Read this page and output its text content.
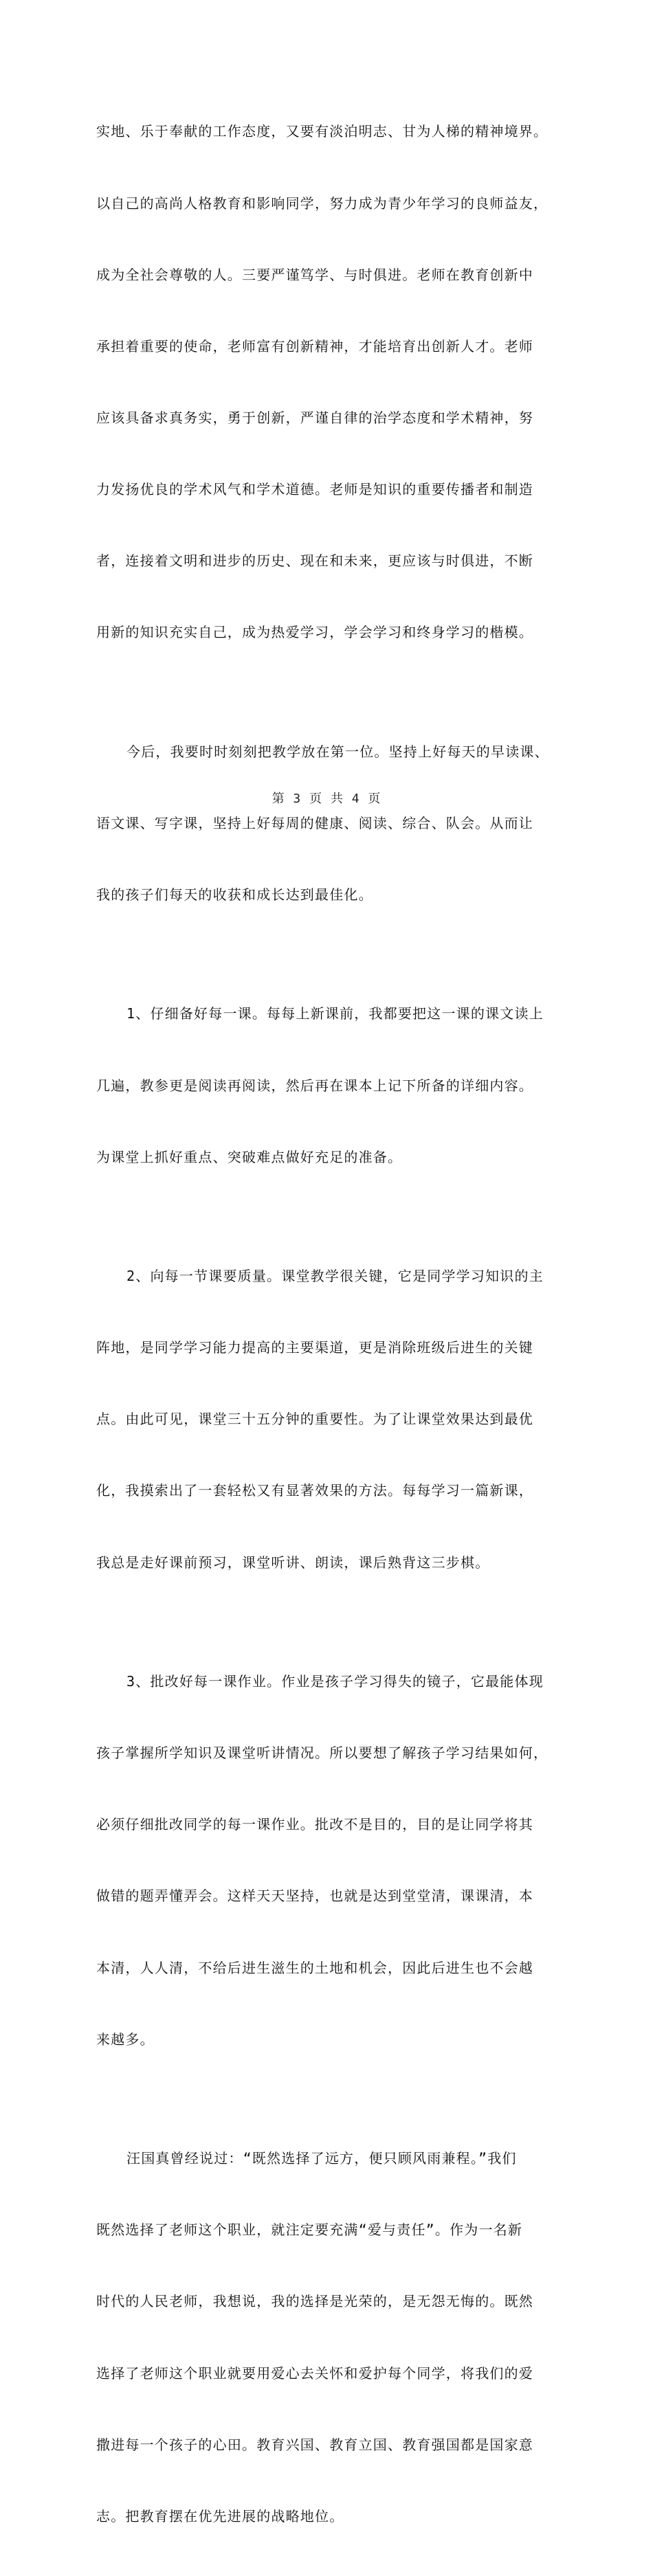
实地、乐于奉献的工作态度，又要有淡泊明志、甘为人梯的精神境界。

以自己的高尚人格教育和影响同学，努力成为青少年学习的良师益友，

成为全社会尊敬的人。三要严谨笃学、与时俱进。老师在教育创新中

承担着重要的使命，老师富有创新精神，才能培育出创新人才。老师

应该具备求真务实，勇于创新，严谨自律的治学态度和学术精神，努

力发扬优良的学术风气和学术道德。老师是知识的重要传播者和制造

者，连接着文明和进步的历史、现在和未来，更应该与时俱进，不断

用新的知识充实自己，成为热爱学习，学会学习和终身学习的楷模。

今后，我要时时刻刻把教学放在第一位。坚持上好每天的早读课、

语文课、写字课，坚持上好每周的健康、阅读、综合、队会。从而让

我的孩子们每天的收获和成长达到最佳化。

1、仔细备好每一课。每每上新课前，我都要把这一课的课文读上

几遍，教参更是阅读再阅读，然后再在课本上记下所备的详细内容。

为课堂上抓好重点、突破难点做好充足的准备。

2、向每一节课要质量。课堂教学很关键，它是同学学习知识的主

阵地，是同学学习能力提高的主要渠道，更是消除班级后进生的关键

点。由此可见，课堂三十五分钟的重要性。为了让课堂效果达到最优

化，我摸索出了一套轻松又有显著效果的方法。每每学习一篇新课，

我总是走好课前预习，课堂听讲、朗读，课后熟背这三步棋。

3、批改好每一课作业。作业是孩子学习得失的镜子，它最能体现

孩子掌握所学知识及课堂听讲情况。所以要想了解孩子学习结果如何，

必须仔细批改同学的每一课作业。批改不是目的，目的是让同学将其

做错的题弄懂弄会。这样天天坚持，也就是达到堂堂清，课课清，本

本清，人人清，不给后进生滋生的土地和机会，因此后进生也不会越

来越多。

汪国真曾经说过：“既然选择了远方，便只顾风雨兼程。”我们

既然选择了老师这个职业，就注定要充满“爱与责任”。作为一名新

时代的人民老师，我想说，我的选择是光荣的，是无怨无悔的。既然

选择了老师这个职业就要用爱心去关怀和爱护每个同学，将我们的爱

撒进每一个孩子的心田。教育兴国、教育立国、教育强国都是国家意

志。把教育摆在优先进展的战略地位。

第 3 页 共 4 页
